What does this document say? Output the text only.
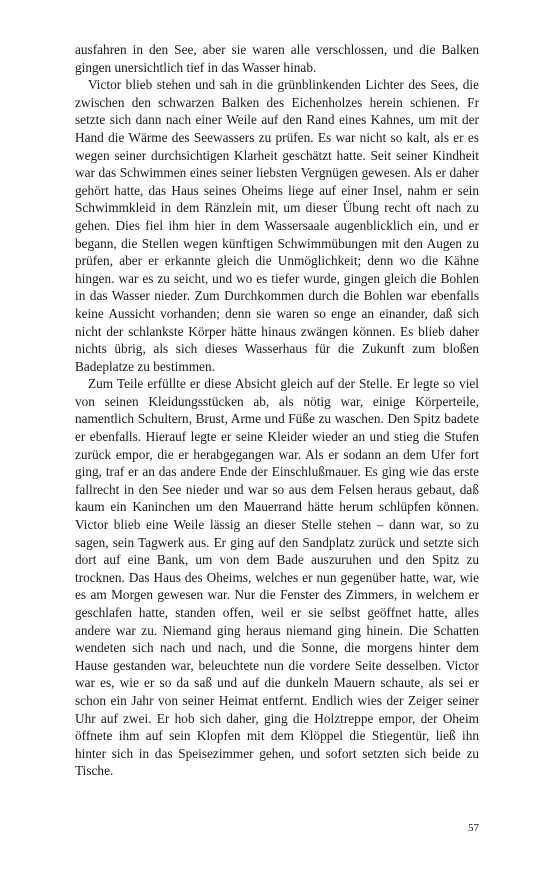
ausfahren in den See, aber sie waren alle verschlossen, und die Balken gingen unersichtlich tief in das Wasser hinab.

Victor blieb stehen und sah in die grünblinkenden Lichter des Sees, die zwischen den schwarzen Balken des Eichenholzes herein schienen. Fr setzte sich dann nach einer Weile auf den Rand eines Kahnes, um mit der Hand die Wärme des Seewassers zu prüfen. Es war nicht so kalt, als er es wegen seiner durchsichtigen Klarheit geschätzt hatte. Seit seiner Kindheit war das Schwimmen eines seiner liebsten Vergnügen gewesen. Als er daher gehört hatte, das Haus seines Oheims liege auf einer Insel, nahm er sein Schwimmkleid in dem Ränzlein mit, um dieser Übung recht oft nach zu gehen. Dies fiel ihm hier in dem Wassersaale augenblicklich ein, und er begann, die Stellen wegen künftigen Schwimmübungen mit den Augen zu prüfen, aber er erkannte gleich die Unmöglichkeit; denn wo die Kähne hingen. war es zu seicht, und wo es tiefer wurde, gingen gleich die Bohlen in das Wasser nieder. Zum Durchkommen durch die Bohlen war ebenfalls keine Aussicht vorhanden; denn sie waren so enge an einander, daß sich nicht der schlankste Körper hätte hinaus zwängen können. Es blieb daher nichts übrig, als sich dieses Wasserhaus für die Zukunft zum bloßen Badeplatze zu bestimmen.

Zum Teile erfüllte er diese Absicht gleich auf der Stelle. Er legte so viel von seinen Kleidungsstücken ab, als nötig war, einige Körperteile, namentlich Schultern, Brust, Arme und Füße zu waschen. Den Spitz badete er ebenfalls. Hierauf legte er seine Kleider wieder an und stieg die Stufen zurück empor, die er herabgegangen war. Als er sodann an dem Ufer fort ging, traf er an das andere Ende der Einschlußmauer. Es ging wie das erste fallrecht in den See nieder und war so aus dem Felsen heraus gebaut, daß kaum ein Kaninchen um den Mauerrand hätte herum schlüpfen können. Victor blieb eine Weile lässig an dieser Stelle stehen – dann war, so zu sagen, sein Tagwerk aus. Er ging auf den Sandplatz zurück und setzte sich dort auf eine Bank, um von dem Bade auszuruhen und den Spitz zu trocknen. Das Haus des Oheims, welches er nun gegenüber hatte, war, wie es am Morgen gewesen war. Nur die Fenster des Zimmers, in welchem er geschlafen hatte, standen offen, weil er sie selbst geöffnet hatte, alles andere war zu. Niemand ging heraus niemand ging hinein. Die Schatten wendeten sich nach und nach, und die Sonne, die morgens hinter dem Hause gestanden war, beleuchtete nun die vordere Seite desselben. Victor war es, wie er so da saß und auf die dunkeln Mauern schaute, als sei er schon ein Jahr von seiner Heimat entfernt. Endlich wies der Zeiger seiner Uhr auf zwei. Er hob sich daher, ging die Holztreppe empor, der Oheim öffnete ihm auf sein Klopfen mit dem Klöppel die Stiegentür, ließ ihn hinter sich in das Speisezimmer gehen, und sofort setzten sich beide zu Tische.

57
